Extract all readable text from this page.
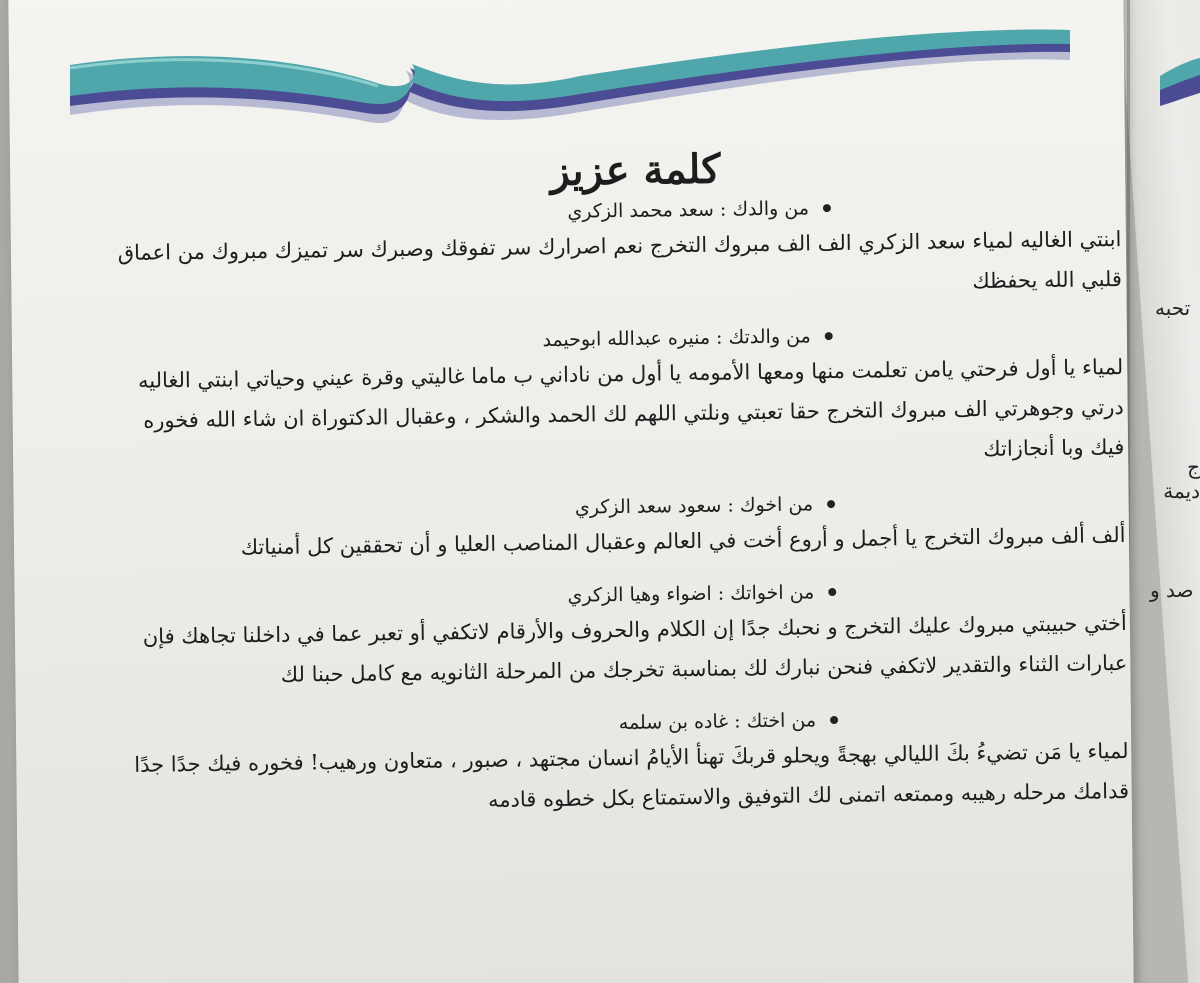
تحبه
ج ديمة
صد و
كلمة عزيز
من والدك : سعد محمد الزكري
ابنتي الغاليه لمياء سعد الزكري الف الف مبروك التخرج نعم اصرارك سر تفوقك وصبرك سر تميزك مبروك من اعماق قلبي الله يحفظك
من والدتك : منيره عبدالله ابوحيمد
لمياء يا أول فرحتي يامن تعلمت منها ومعها الأمومه يا أول من ناداني ب ماما غاليتي وقرة عيني وحياتي ابنتي الغاليه درتي وجوهرتي الف مبروك التخرج حقا تعبتي ونلتي اللهم لك الحمد والشكر ، وعقبال الدكتوراة ان شاء الله فخوره فيك وبا أنجازاتك
من اخوك : سعود سعد الزكري
ألف ألف مبروك التخرج يا أجمل و أروع أخت في العالم وعقبال المناصب العليا و أن تحققين كل أمنياتك
من اخواتك : اضواء وهيا الزكري
أختي حبيبتي مبروك عليك التخرج و نحبك جدًا إن الكلام والحروف والأرقام لاتكفي أو تعبر عما في داخلنا تجاهك فإن عبارات الثناء والتقدير لاتكفي فنحن نبارك لك بمناسبة تخرجك من المرحلة الثانويه مع كامل حبنا لك
من اختك : غاده بن سلمه
لمياء يا مَن تضيءُ بكَ الليالي بهجةً ويحلو قربكَ تهنأ الأيامُ انسان مجتهد ، صبور ، متعاون ورهيب! فخوره فيك جدًا جدًا قدامك مرحله رهيبه وممتعه اتمنى لك التوفيق والاستمتاع بكل خطوه قادمه
